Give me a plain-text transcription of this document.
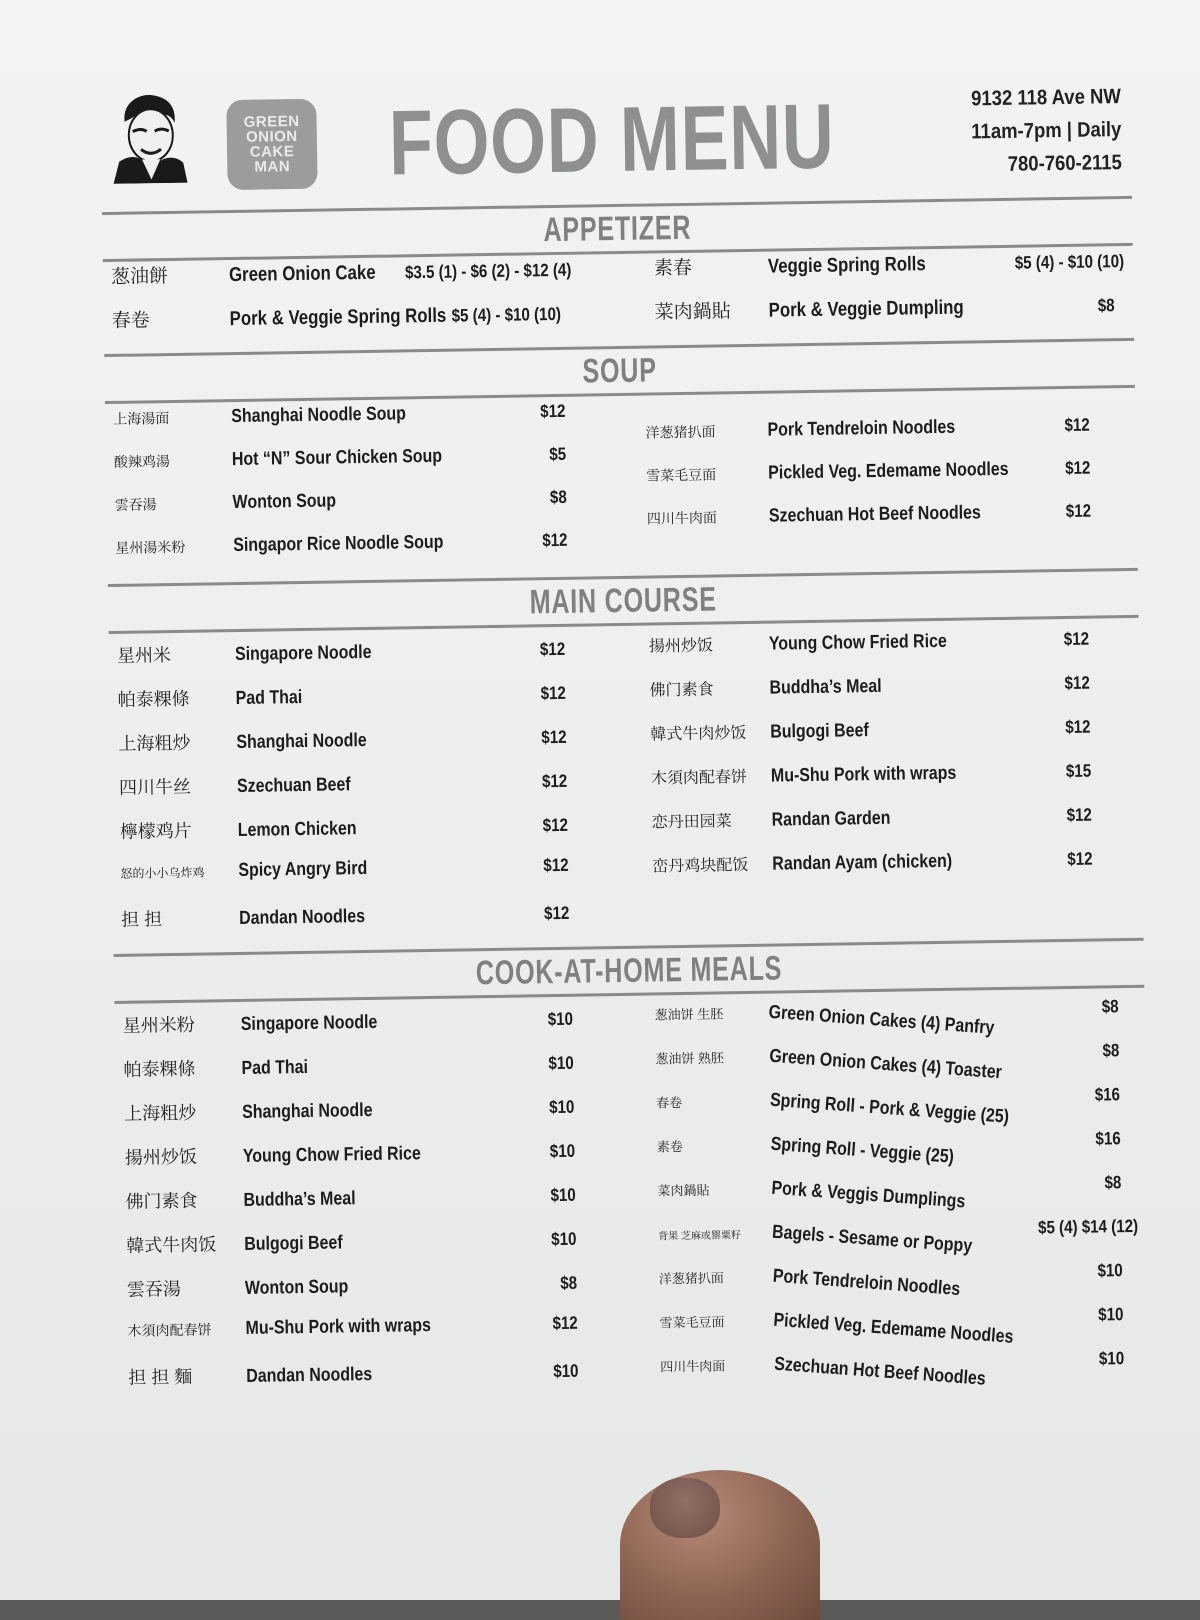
GREEN
ONION
CAKE
MAN FOOD MENU	9132 118 Ave NW
11am-7pm | Daily
780-760-2115
APPETIZER
葱油餅	Green Onion Cake $3.5 (1) - $6 (2) - $12 (4)
春卷	Pork & Veggie Spring Rolls $5 (4) - $10 (10)
素春	Veggie Spring Rolls	$5 (4) - $10 (10)
菜肉鍋貼	Pork & Veggie Dumpling	$8
SOUP
上海湯面	Shanghai Noodle Soup	$12
酸辣鸡湯	Hot “N” Sour Chicken Soup	$5
雲吞湯	Wonton Soup	$8
星州湯米粉	Singapor Rice Noodle Soup	$12
洋葱猪扒面	Pork Tendreloin Noodles	$12
雪菜毛豆面	Pickled Veg. Edemame Noodles	$12
四川牛肉面	Szechuan Hot Beef Noodles	$12
MAIN COURSE
星州米	Singapore Noodle	$12
帕泰粿條	Pad Thai	$12
上海粗炒	Shanghai Noodle	$12
四川牛丝	Szechuan Beef	$12
檸檬鸡片	Lemon Chicken	$12
怒的小小乌炸鸡	Spicy Angry Bird	$12
担 担	Dandan Noodles	$12
揚州炒饭	Young Chow Fried Rice	$12
佛门素食	Buddha’s Meal	$12
韓式牛肉炒饭	Bulgogi Beef	$12
木須肉配春饼	Mu-Shu Pork with wraps	$15
恋丹田园菜	Randan Garden	$12
峦丹鸡块配饭	Randan Ayam (chicken)	$12
COOK-AT-HOME MEALS
星州米粉	Singapore Noodle	$10
帕泰粿條	Pad Thai	$10
上海粗炒	Shanghai Noodle	$10
揚州炒饭	Young Chow Fried Rice	$10
佛门素食	Buddha’s Meal	$10
韓式牛肉饭	Bulgogi Beef	$10
雲吞湯	Wonton Soup	$8
木須肉配春饼	Mu-Shu Pork with wraps	$12
担 担 麵	Dandan Noodles	$10
葱油饼 生胚	Green Onion Cakes (4) Panfry	$8
葱油饼 熟胚	Green Onion Cakes (4) Toaster	$8
春卷	Spring Roll - Pork & Veggie (25)	$16
素卷	Spring Roll - Veggie (25)	$16
菜肉鍋貼	Pork & Veggis Dumplings	$8
背果 芝麻或罂粟籽	Bagels - Sesame or Poppy	$5 (4) $14 (12)
洋葱猪扒面	Pork Tendreloin Noodles	$10
雪菜毛豆面	Pickled Veg. Edemame Noodles	$10
四川牛肉面	Szechuan Hot Beef Noodles	$10
